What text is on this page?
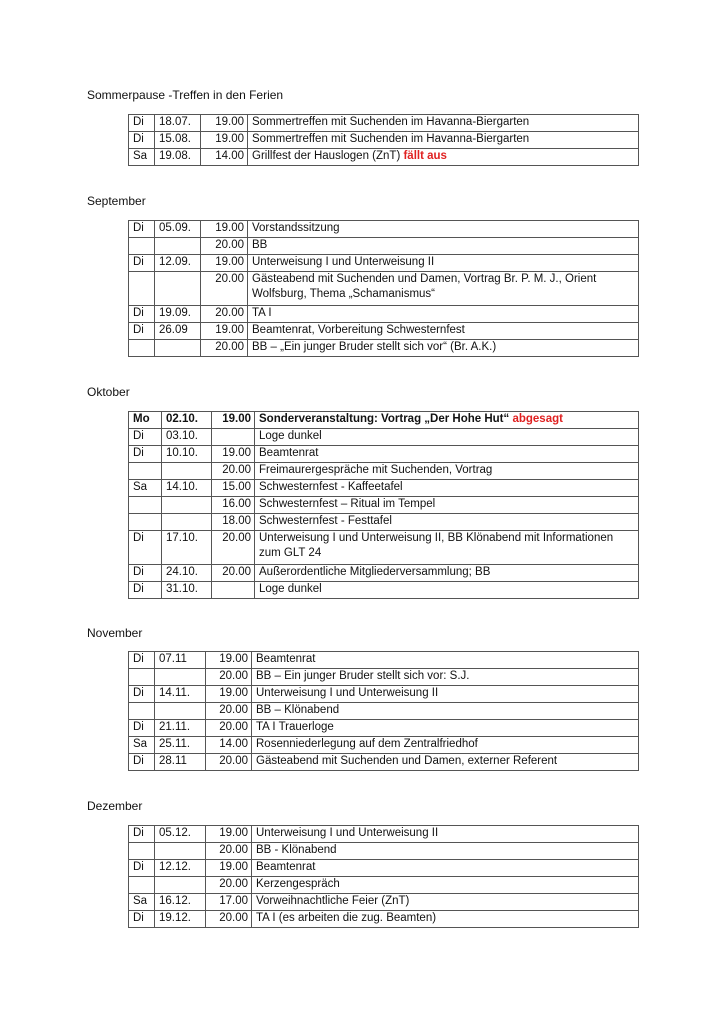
Sommerpause -Treffen in den Ferien
Di	18.07.	19.00	Sommertreffen mit Suchenden im Havanna-Biergarten
Di	15.08.	19.00	Sommertreffen mit Suchenden im Havanna-Biergarten
Sa	19.08.	14.00	Grillfest der Hauslogen (ZnT) fällt aus
September
Di	05.09.	19.00	Vorstandssitzung
		20.00	BB
Di	12.09.	19.00	Unterweisung I und Unterweisung II
		20.00	Gästeabend mit Suchenden und Damen, Vortrag Br. P. M. J., Orient Wolfsburg, Thema „Schamanismus“
Di	19.09.	20.00	TA I
Di	26.09	19.00	Beamtenrat, Vorbereitung Schwesternfest
		20.00	BB – „Ein junger Bruder stellt sich vor“ (Br. A.K.)
Oktober
Mo	02.10.	19.00	Sonderveranstaltung: Vortrag „Der Hohe Hut“ abgesagt
Di	03.10.		Loge dunkel
Di	10.10.	19.00	Beamtenrat
		20.00	Freimaurergespräche mit Suchenden, Vortrag
Sa	14.10.	15.00	Schwesternfest - Kaffeetafel
		16.00	Schwesternfest – Ritual im Tempel
		18.00	Schwesternfest - Festtafel
Di	17.10.	20.00	Unterweisung I und Unterweisung II, BB Klönabend mit Informationen zum GLT 24
Di	24.10.	20.00	Außerordentliche Mitgliederversammlung; BB
Di	31.10.		Loge dunkel
November
Di	07.11	19.00	Beamtenrat
		20.00	BB – Ein junger Bruder stellt sich vor: S.J.
Di	14.11.	19.00	Unterweisung I und Unterweisung II
		20.00	BB – Klönabend
Di	21.11.	20.00	TA I Trauerloge
Sa	25.11.	14.00	Rosenniederlegung auf dem Zentralfriedhof
Di	28.11	20.00	Gästeabend mit Suchenden und Damen, externer Referent
Dezember
Di	05.12.	19.00	Unterweisung I und Unterweisung II
		20.00	BB - Klönabend
Di	12.12.	19.00	Beamtenrat
		20.00	Kerzengespräch
Sa	16.12.	17.00	Vorweihnachtliche Feier (ZnT)
Di	19.12.	20.00	TA I (es arbeiten die zug. Beamten)
